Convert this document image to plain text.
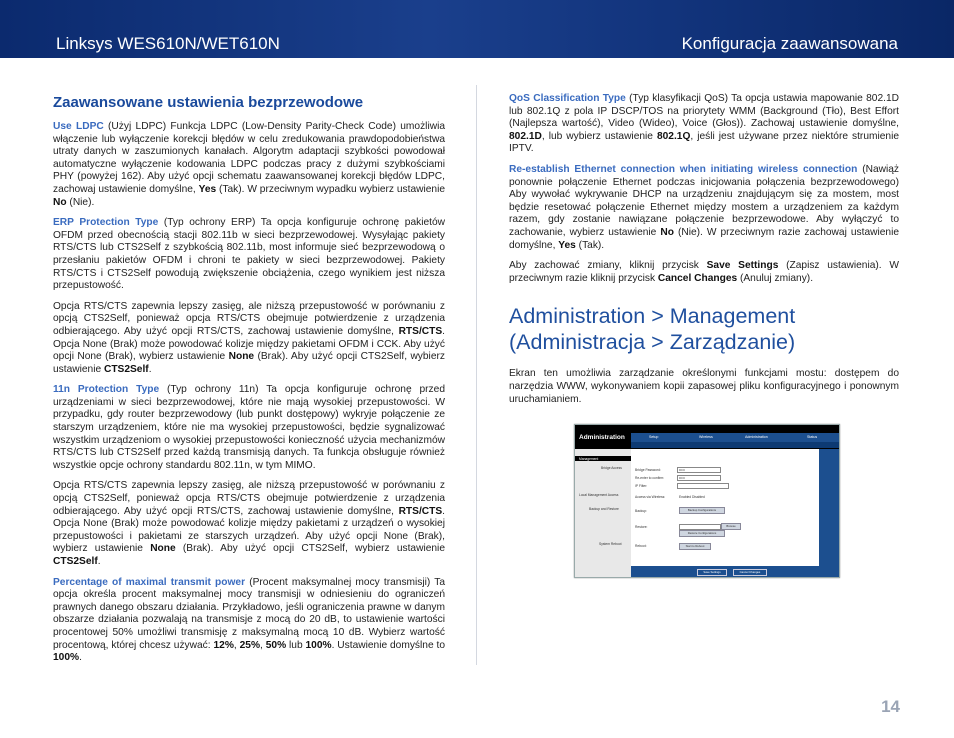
Linksys WES610N/WET610N	Konfiguracja zaawansowana
Zaawansowane ustawienia bezprzewodowe

Use LDPC (Użyj LDPC) Funkcja LDPC (Low-Density Parity-Check Code) umożliwia włączenie lub wyłączenie korekcji błędów w celu zredukowania prawdopodobieństwa utraty danych w zaszumionych kanałach. Algorytm adaptacji szybkości powodował automatyczne wyłączenie kodowania LDPC podczas pracy z dużymi szybkościami PHY (powyżej 162). Aby użyć opcji schematu zaawansowanej korekcji błędów LDPC, zachowaj ustawienie domyślne, Yes (Tak). W przeciwnym wypadku wybierz ustawienie No (Nie).

ERP Protection Type (Typ ochrony ERP) Ta opcja konfiguruje ochronę pakietów OFDM przed obecnością stacji 802.11b w sieci bezprzewodowej. Wysyłając pakiety RTS/CTS lub CTS2Self z szybkością 802.11b, most informuje sieć bezprzewodową o przesłaniu pakietów OFDM i chroni te pakiety w sieci bezprzewodowej. Pakiety RTS/CTS i CTS2Self powodują zwiększenie obciążenia, czego wynikiem jest niższa przepustowość.

Opcja RTS/CTS zapewnia lepszy zasięg, ale niższą przepustowość w porównaniu z opcją CTS2Self, ponieważ opcja RTS/CTS obejmuje potwierdzenie z urządzenia odbierającego. Aby użyć opcji RTS/CTS, zachowaj ustawienie domyślne, RTS/CTS. Opcja None (Brak) może powodować kolizje między pakietami OFDM i CCK. Aby użyć opcji None (Brak), wybierz ustawienie None (Brak). Aby użyć opcji CTS2Self, wybierz ustawienie CTS2Self.

11n Protection Type (Typ ochrony 11n) Ta opcja konfiguruje ochronę przed urządzeniami w sieci bezprzewodowej, które nie mają wysokiej przepustowości. W przypadku, gdy router bezprzewodowy (lub punkt dostępowy) wykryje połączenie ze starszym urządzeniem, które nie ma wysokiej przepustowości, będzie sygnalizować wszystkim urządzeniom o wysokiej przepustowości konieczność użycia mechanizmów RTS/CTS lub CTS2Self przed każdą transmisją danych. Ta funkcja obsługuje również wszystkie opcje ochrony standardu 802.11n, w tym MIMO.

Opcja RTS/CTS zapewnia lepszy zasięg, ale niższą przepustowość w porównaniu z opcją CTS2Self, ponieważ opcja RTS/CTS obejmuje potwierdzenie z urządzenia odbierającego. Aby użyć opcji RTS/CTS, zachowaj ustawienie domyślne, RTS/CTS. Opcja None (Brak) może powodować kolizje między pakietami z urządzeń o wysokiej przepustowości i pakietami ze starszych urządzeń. Aby użyć opcji None (Brak), wybierz ustawienie None (Brak). Aby użyć opcji CTS2Self, wybierz ustawienie CTS2Self.

Percentage of maximal transmit power (Procent maksymalnej mocy transmisji) Ta opcja określa procent maksymalnej mocy transmisji w odniesieniu do ograniczeń prawnych danego obszaru działania. Przykładowo, jeśli ograniczenia prawne w danym obszarze działania pozwalają na transmisje z mocą do 20 dB, to ustawienie wartości procentowej 50% umożliwi transmisję z maksymalną mocą 10 dB. Wybierz wartość procentową, której chcesz używać: 12%, 25%, 50% lub 100%. Ustawienie domyślne to 100%.

QoS Classification Type (Typ klasyfikacji QoS) Ta opcja ustawia mapowanie 802.1D lub 802.1Q z pola IP DSCP/TOS na priorytety WMM (Background (Tło), Best Effort (Najlepsza wartość), Video (Wideo), Voice (Głos)). Zachowaj ustawienie domyślne, 802.1D, lub wybierz ustawienie 802.1Q, jeśli jest używane przez niektóre strumienie IPTV.

Re-establish Ethernet connection when initiating wireless connection (Nawiąż ponownie połączenie Ethernet podczas inicjowania połączenia bezprzewodowego) Aby wywołać wykrywanie DHCP na urządzeniu znajdującym się za mostem, most będzie resetować połączenie Ethernet między mostem a urządzeniem za każdym razem, gdy zostanie nawiązane połączenie bezprzewodowe. Aby wyłączyć to zachowanie, wybierz ustawienie No (Nie). W przeciwnym razie zachowaj ustawienie domyślne, Yes (Tak).

Aby zachować zmiany, kliknij przycisk Save Settings (Zapisz ustawienia). W przeciwnym razie kliknij przycisk Cancel Changes (Anuluj zmiany).

Administration > Management
(Administracja > Zarządzanie)

Ekran ten umożliwia zarządzanie określonymi funkcjami mostu: dostępem do narzędzia WWW, wykonywaniem kopii zapasowej pliku konfiguracyjnego i ponownym uruchamianiem.

Administration	Setup	Wireless	Administration	Status
Management
Bridge Access
Local Management Access
Backup and Restore
System Reboot
Bridge Password:	•••••
Re-enter to confirm:	•••••
IP Filter:
Access via Wireless:	Enabled Disabled
Backup:	Backup Configurations
Restore:	Browse
Restore Configurations
Reboot:	Start to Reboot
Save Settings	Cancel Changes
14
